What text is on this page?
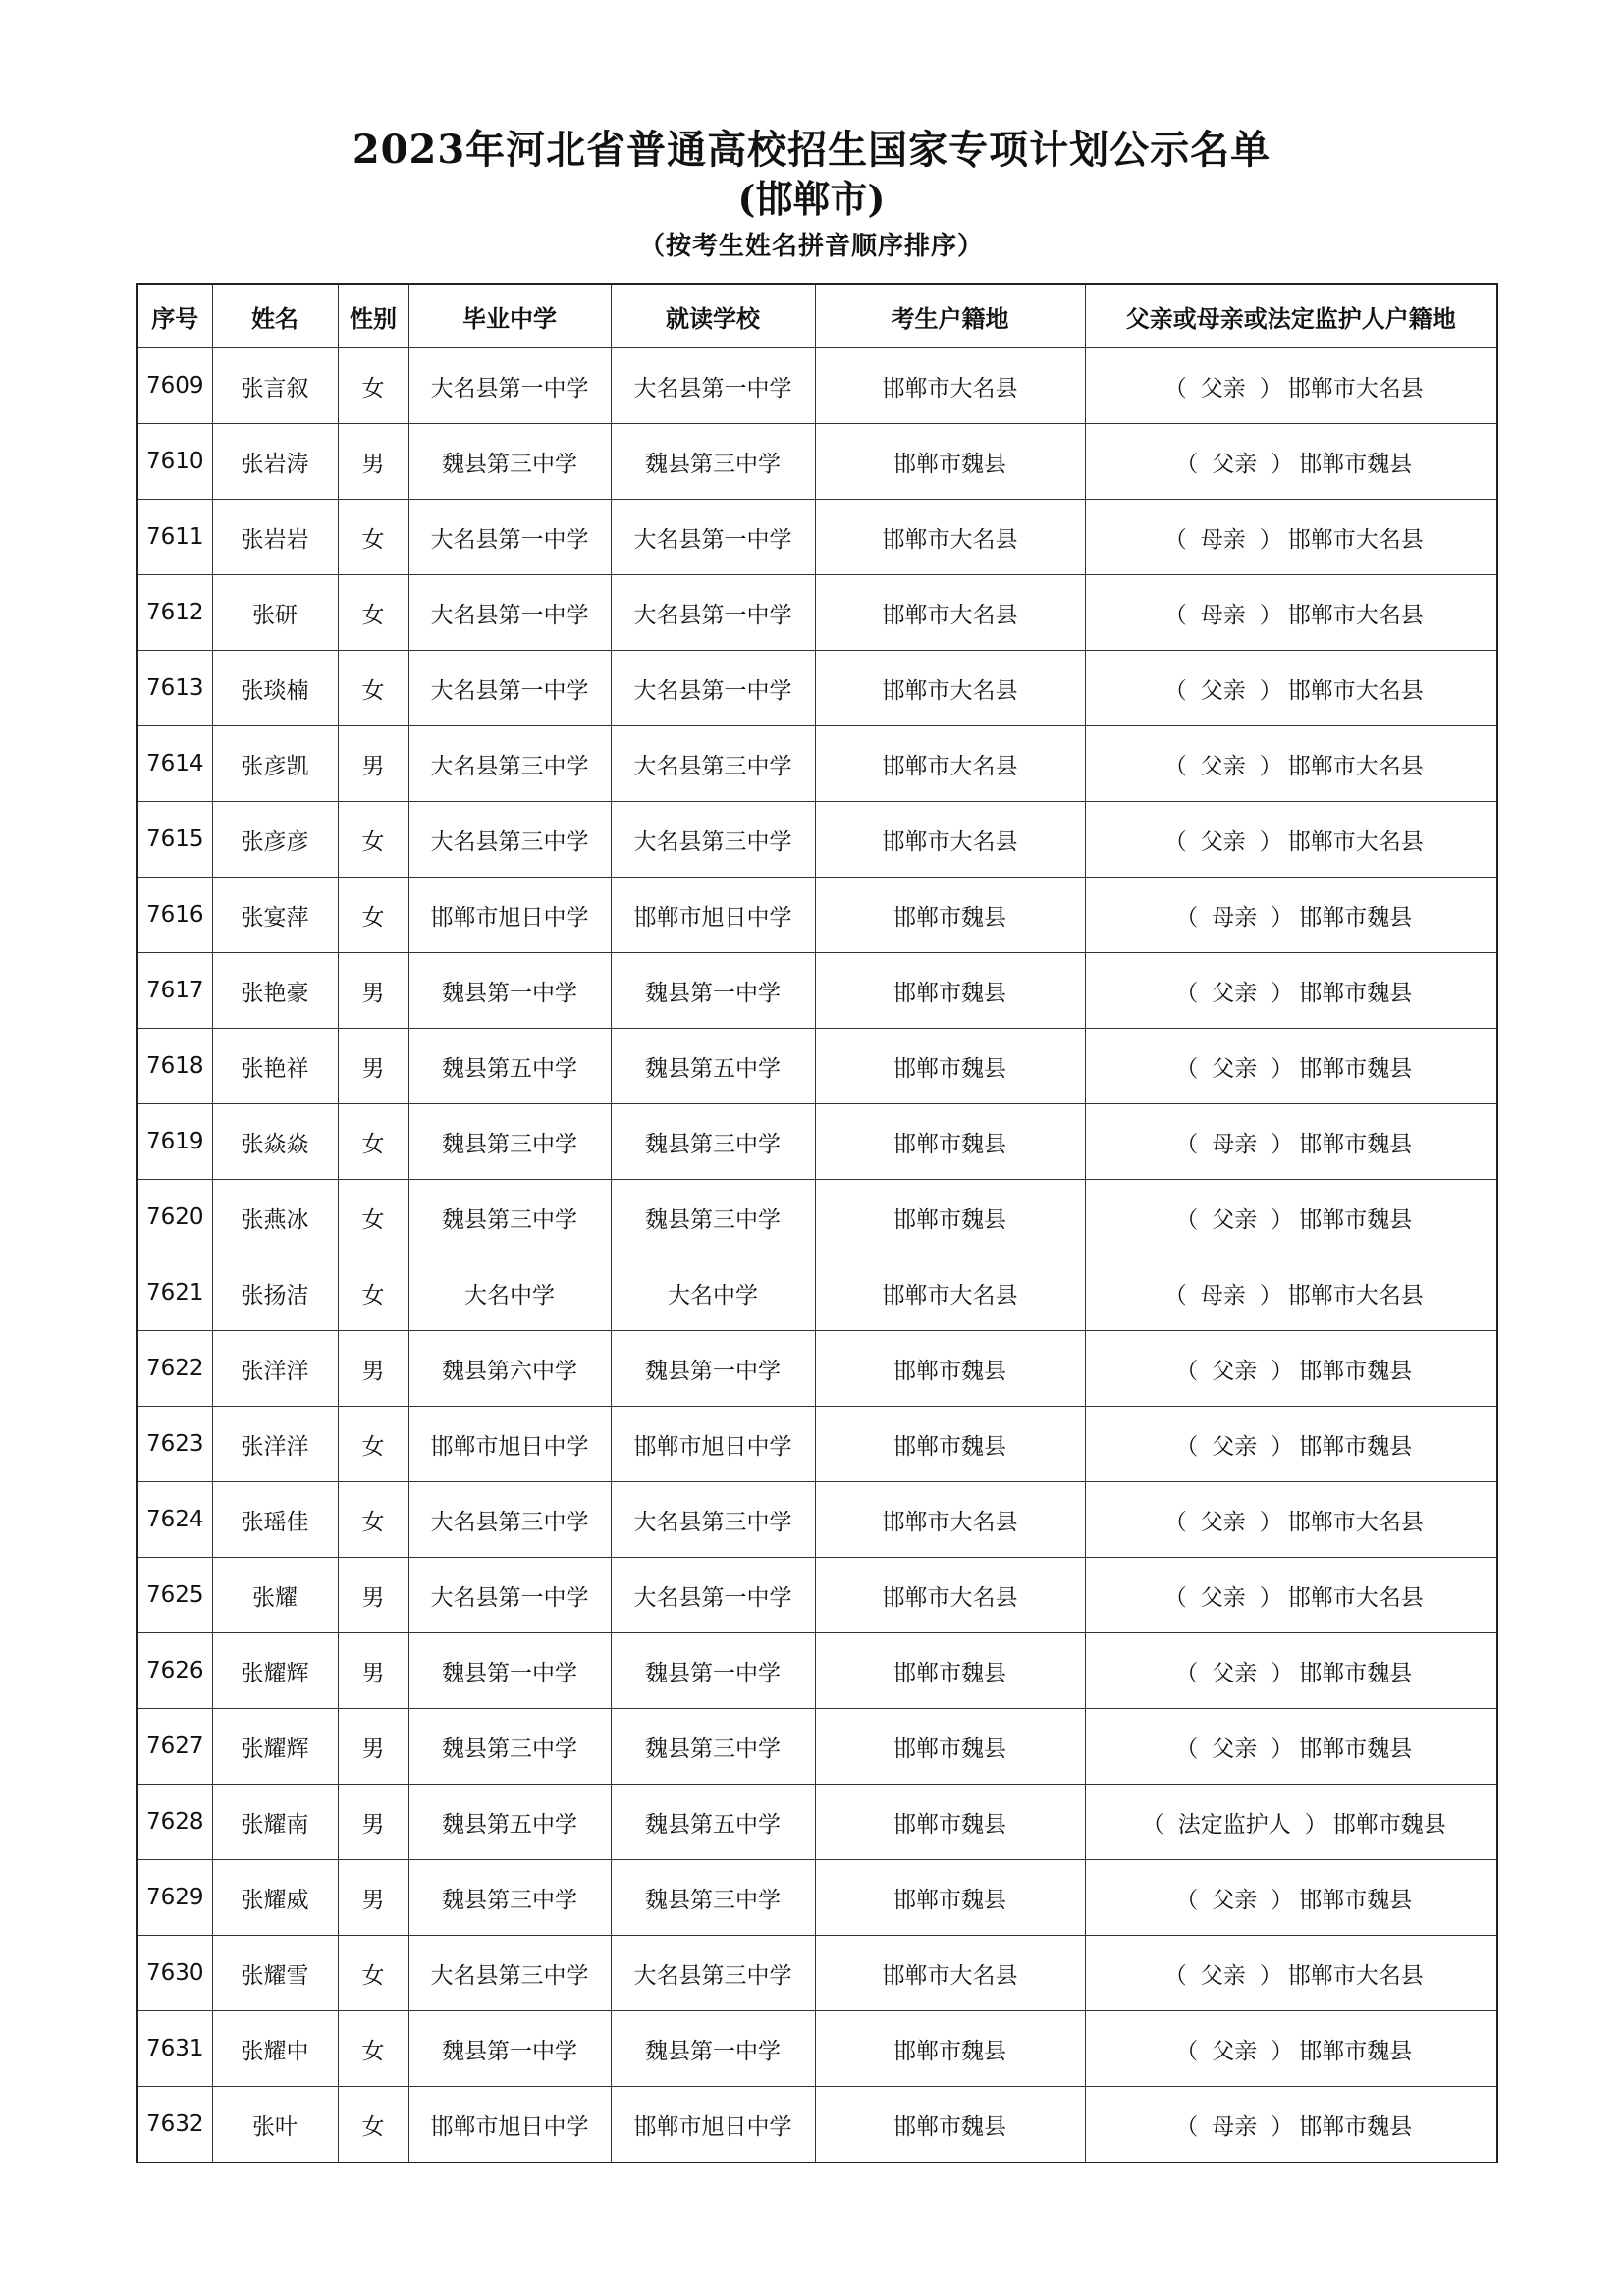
2023年河北省普通高校招生国家专项计划公示名单
(邯郸市)
（按考生姓名拼音顺序排序）
序号	姓名	性别	毕业中学	就读学校	考生户籍地	父亲或母亲或法定监护人户籍地
7609	张言叙	女	大名县第一中学	大名县第一中学	邯郸市大名县	（ 父亲 ） 邯郸市大名县
7610	张岩涛	男	魏县第三中学	魏县第三中学	邯郸市魏县	（ 父亲 ） 邯郸市魏县
7611	张岩岩	女	大名县第一中学	大名县第一中学	邯郸市大名县	（ 母亲 ） 邯郸市大名县
7612	张研	女	大名县第一中学	大名县第一中学	邯郸市大名县	（ 母亲 ） 邯郸市大名县
7613	张琰楠	女	大名县第一中学	大名县第一中学	邯郸市大名县	（ 父亲 ） 邯郸市大名县
7614	张彦凯	男	大名县第三中学	大名县第三中学	邯郸市大名县	（ 父亲 ） 邯郸市大名县
7615	张彦彦	女	大名县第三中学	大名县第三中学	邯郸市大名县	（ 父亲 ） 邯郸市大名县
7616	张宴萍	女	邯郸市旭日中学	邯郸市旭日中学	邯郸市魏县	（ 母亲 ） 邯郸市魏县
7617	张艳豪	男	魏县第一中学	魏县第一中学	邯郸市魏县	（ 父亲 ） 邯郸市魏县
7618	张艳祥	男	魏县第五中学	魏县第五中学	邯郸市魏县	（ 父亲 ） 邯郸市魏县
7619	张焱焱	女	魏县第三中学	魏县第三中学	邯郸市魏县	（ 母亲 ） 邯郸市魏县
7620	张燕冰	女	魏县第三中学	魏县第三中学	邯郸市魏县	（ 父亲 ） 邯郸市魏县
7621	张扬洁	女	大名中学	大名中学	邯郸市大名县	（ 母亲 ） 邯郸市大名县
7622	张洋洋	男	魏县第六中学	魏县第一中学	邯郸市魏县	（ 父亲 ） 邯郸市魏县
7623	张洋洋	女	邯郸市旭日中学	邯郸市旭日中学	邯郸市魏县	（ 父亲 ） 邯郸市魏县
7624	张瑶佳	女	大名县第三中学	大名县第三中学	邯郸市大名县	（ 父亲 ） 邯郸市大名县
7625	张耀	男	大名县第一中学	大名县第一中学	邯郸市大名县	（ 父亲 ） 邯郸市大名县
7626	张耀辉	男	魏县第一中学	魏县第一中学	邯郸市魏县	（ 父亲 ） 邯郸市魏县
7627	张耀辉	男	魏县第三中学	魏县第三中学	邯郸市魏县	（ 父亲 ） 邯郸市魏县
7628	张耀南	男	魏县第五中学	魏县第五中学	邯郸市魏县	（ 法定监护人 ） 邯郸市魏县
7629	张耀威	男	魏县第三中学	魏县第三中学	邯郸市魏县	（ 父亲 ） 邯郸市魏县
7630	张耀雪	女	大名县第三中学	大名县第三中学	邯郸市大名县	（ 父亲 ） 邯郸市大名县
7631	张耀中	女	魏县第一中学	魏县第一中学	邯郸市魏县	（ 父亲 ） 邯郸市魏县
7632	张叶	女	邯郸市旭日中学	邯郸市旭日中学	邯郸市魏县	（ 母亲 ） 邯郸市魏县
